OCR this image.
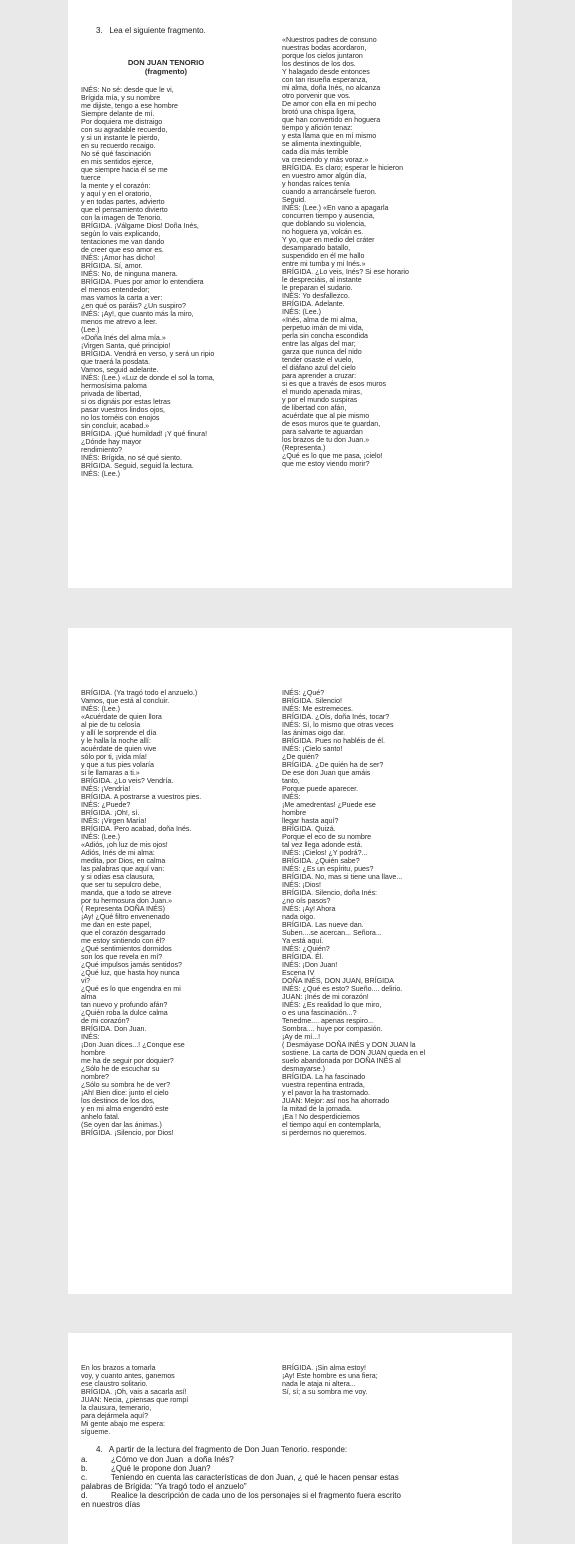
3.   Lea el siguiente fragmento.
DON JUAN TENORIO
(fragmento)
INÉS: No sé: desde que le vi,
Brígida mía, y su nombre
me dijiste, tengo a ese hombre
Siempre delante de mí.
Por doquiera me distraigo
con su agradable recuerdo,
y si un instante le pierdo,
en su recuerdo recaigo.
No sé qué fascinación
en mis sentidos ejerce,
que siempre hacia él se me
tuerce
la mente y el corazón:
y aquí y en el oratorio,
y en todas partes, advierto
que el pensamiento divierto
con la imagen de Tenorio.
BRÍGIDA. ¡Válgame Dios! Doña Inés,
según lo vais explicando,
tentaciones me van dando
de creer que eso amor es.
INÉS: ¡Amor has dicho!
BRÍGIDA. Sí, amor.
INÉS: No, de ninguna manera.
BRÍGIDA. Pues por amor lo entendiera
el menos entendedor;
mas vamos la carta a ver:
¿en qué os paráis? ¿Un suspiro?
INÉS: ¡Ay!, que cuanto más la miro,
menos me atrevo a leer.
(Lee.)
«Doña Inés del alma mía.»
¡Virgen Santa, qué principio!
BRÍGIDA. Vendrá en verso, y será un ripio
que traerá la posdata.
Vamos, seguid adelante.
INÉS: (Lee.) «Luz de donde el sol la toma,
hermosísima paloma
privada de libertad,
si os dignáis por estas letras
pasar vuestros lindos ojos,
no los tornéis con enojos
sin concluir, acabad.»
BRÍGIDA. ¡Qué humildad! ¡Y qué finura!
¿Dónde hay mayor
rendimiento?
INÉS: Brígida, no sé qué siento.
BRÍGIDA. Seguid, seguid la lectura.
INÉS: (Lee.)
«Nuestros padres de consuno
nuestras bodas acordaron,
porque los cielos juntaron
los destinos de los dos.
Y halagado desde entonces
con tan risueña esperanza,
mi alma, doña Inés, no alcanza
otro porvenir que vos.
De amor con ella en mi pecho
brotó una chispa ligera,
que han convertido en hoguera
tiempo y afición tenaz:
y esta llama que en mí mismo
se alimenta inextinguible,
cada día más terrible
va creciendo y más voraz.»
BRÍGIDA. Es claro; esperar le hicieron
en vuestro amor algún día,
y hondas raíces tenía
cuando a arrancársele fueron.
Seguid.
INÉS: (Lee.) «En vano a apagarla
concurren tiempo y ausencia,
que doblando su violencia,
no hoguera ya, volcán es.
Y yo, que en medio del cráter
desamparado batallo,
suspendido en él me hallo
entre mi tumba y mi Inés.»
BRÍGIDA. ¿Lo veis, Inés? Si ese horario
le despreciáis, al instante
le preparan el sudario.
INÉS: Yo desfallezco.
BRÍGIDA. Adelante.
INÉS: (Lee.)
«Inés, alma de mi alma,
perpetuo imán de mi vida,
perla sin concha escondida
entre las algas del mar;
garza que nunca del nido
tender osaste el vuelo,
el diáfano azul del cielo
para aprender a cruzar:
si es que a través de esos muros
el mundo apenada miras,
y por el mundo suspiras
de libertad con afán,
acuérdate que al pie mismo
de esos muros que te guardan,
para salvarte te aguardan
los brazos de tu don Juan.»
(Representa.)
¿Qué es lo que me pasa, ¡cielo!
que me estoy viendo morir?
BRÍGIDA. (Ya tragó todo el anzuelo.)
Vamos, que está al concluir.
INÉS: (Lee.)
«Acuérdate de quien llora
al pie de tu celosía
y allí le sorprende el día
y le halla la noche allí:
acuérdate de quien vive
sólo por ti, ¡vida mía!
y que a tus pies volaría
si le llamaras a ti.»
BRÍGIDA. ¿Lo veis? Vendría.
INÉS: ¡Vendría!
BRÍGIDA. A postrarse a vuestros pies.
INÉS: ¿Puede?
BRÍGIDA. ¡Oh!, sí.
INÉS: ¡Virgen María!
BRÍGIDA. Pero acabad, doña Inés.
INÉS: (Lee.)
«Adiós, ¡oh luz de mis ojos!
Adiós, Inés de mi alma:
medita, por Dios, en calma
las palabras que aquí van:
y si odias esa clausura,
que ser tu sepulcro debe,
manda, que a todo se atreve
por tu hermosura don Juan.»
( Representa DOÑA INÉS)
¡Ay! ¿Qué filtro envenenado
me dan en este papel,
que el corazón desgarrado
me estoy sintiendo con él?
¿Qué sentimientos dormidos
son los que revela en mí?
¿Qué impulsos jamás sentidos?
¿Qué luz, que hasta hoy nunca
vi?
¿Qué es lo que engendra en mi
alma
tan nuevo y profundo afán?
¿Quién roba la dulce calma
de mi corazón?
BRÍGIDA. Don Juan.
INÉS:
¡Don Juan dices...! ¿Conque ese
hombre
me ha de seguir por doquier?
¿Sólo he de escuchar su
nombre?
¿Sólo su sombra he de ver?
¡Ah! Bien dice: junto el cielo
los destinos de los dos,
y en mi alma engendró este
anhelo fatal.
(Se oyen dar las ánimas.)
BRÍGIDA. ¡Silencio, por Dios!
INÉS: ¿Qué?
BRÍGIDA. Silencio!
INÉS: Me estremeces.
BRÍGIDA. ¿Oís, doña Inés, tocar?
INÉS: Sí, lo mismo que otras veces
las ánimas oigo dar.
BRÍGIDA. Pues no habléis de él.
INÉS: ¡Cielo santo!
¿De quién?
BRÍGIDA. ¿De quién ha de ser?
De ese don Juan que amáis
tanto,
Porque puede aparecer.
INÉS:
¡Me amedrentas! ¿Puede ese
hombre
llegar hasta aquí?
BRÍGIDA. Quizá.
Porque el eco de su nombre
tal vez llega adonde está.
INÉS: ¡Cielos! ¿Y podrá?...
BRÍGIDA. ¿Quién sabe?
INÉS: ¿Es un espíritu, pues?
BRÍGIDA. No, mas si tiene una llave...
INÉS: ¡Dios!
BRÍGIDA. Silencio, doña Inés:
¿no oís pasos?
INÉS: ¡Ay! Ahora
nada oigo.
BRÍGIDA. Las nueve dan.
Suben....se acercan... Señora...
Ya está aquí.
INÉS: ¿Quién?
BRÍGIDA. Él.
INÉS: ¡Don Juan!
Escena IV
DOÑA INÉS, DON JUAN, BRÍGIDA
INÉS: ¿Qué es esto? Sueño.... delirio.
JUAN: ¡Inés de mi corazón!
INÉS: ¿Es realidad lo que miro,
o es una fascinación...?
Tenedme.... apenas respiro...
Sombra.... huye por compasión.
¡Ay de mí...!
( Desmáyase DOÑA INÉS y DON JUAN la
sostiene. La carta de DON JUAN queda en el
suelo abandonada por DOÑA INÉS al
desmayarse.)
BRÍGIDA. La ha fascinado
vuestra repentina entrada,
y el pavor la ha trastornado.
JUAN: Mejor: así nos ha ahorrado
la mitad de la jornada.
¡Ea ! No desperdiciemos
el tiempo aquí en contemplarla,
si perdernos no queremos.
En los brazos a tomarla
voy, y cuanto antes, ganemos
ese claustro solitario.
BRÍGIDA. ¡Oh, vais a sacarla así!
JUAN: Necia, ¿piensas que rompí
la clausura, temerario,
para dejármela aquí?
Mi gente abajo me espera:
sígueme.
BRÍGIDA. ¡Sin alma estoy!
¡Ay! Este hombre es una fiera;
nada le ataja ni altera...
Sí, sí; a su sombra me voy.
4.   A partir de la lectura del fragmento de Don Juan Tenorio. responde:
a.	¿Cómo ve don Juan  a doña Inés?
b.	¿Qué le propone don Juan?
c.	Teniendo en cuenta las características de don Juan, ¿ qué le hacen pensar estas
palabras de Brígida: "Ya tragó todo el anzuelo"
d.	Realice la descripción de cada uno de los personajes si el fragmento fuera escrito
en nuestros días
